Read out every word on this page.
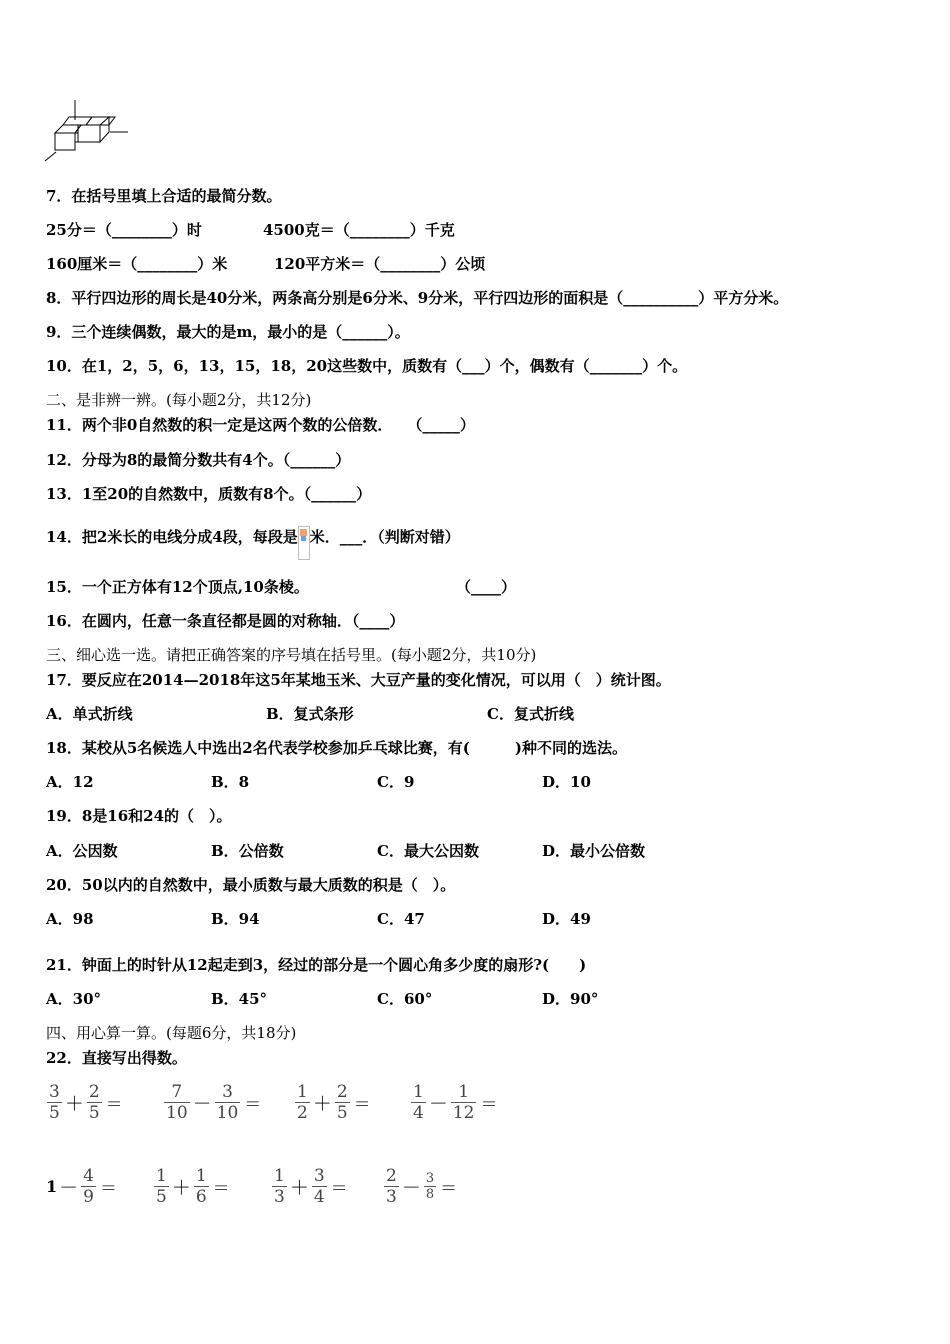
7．在括号里填上合适的最简分数。
25分＝（________）时	4500克＝（________）千克
160厘米＝（________）米	120平方米＝（________）公顷
8．平行四边形的周长是40分米，两条高分别是6分米、9分米，平行四边形的面积是（__________）平方分米。
9．三个连续偶数，最大的是m，最小的是（______）。
10．在1，2，5，6，13，15，18，20这些数中，质数有（___）个，偶数有（_______）个。
二、是非辨一辨。(每小题2分，共12分)
11．两个非0自然数的积一定是这两个数的公倍数．　　（_____）
12．分母为8的最简分数共有4个。（______）
13．1至20的自然数中，质数有8个。（______）
14．把2米长的电线分成4段，每段是 米．___．（判断对错）
15．一个正方体有12个顶点,10条棱。	（____）
16．在圆内，任意一条直径都是圆的对称轴．（____）
三、细心选一选。请把正确答案的序号填在括号里。(每小题2分，共10分)
17．要反应在2014—2018年这5年某地玉米、大豆产量的变化情况，可以用（　）统计图。
A．单式折线	B．复式条形	C．复式折线
18．某校从5名候选人中选出2名代表学校参加乒乓球比赛，有(　　　)种不同的选法。
A．12	B．8	C．9	D．10
19．8是16和24的（　）。
A．公因数	B．公倍数	C．最大公因数	D．最小公倍数
20．50以内的自然数中，最小质数与最大质数的积是（　）。
A．98	B．94	C．47	D．49
21．钟面上的时针从12起走到3，经过的部分是一个圆心角多少度的扇形?(　　)
A．30°	B．45°	C．60°	D．90°
四、用心算一算。(每题6分，共18分)
22．直接写出得数。
$\frac{3}{5} + \frac{2}{5} = \frac{7}{10} - \frac{3}{10} = \frac{1}{2} + \frac{2}{5} = \frac{1}{4} - \frac{1}{12}$ ＝
$1 - \frac{4}{9} = \frac{1}{5} + \frac{1}{6} = \frac{1}{3} + \frac{3}{4} = \frac{2}{3} - \frac{3}{8}$ ＝
